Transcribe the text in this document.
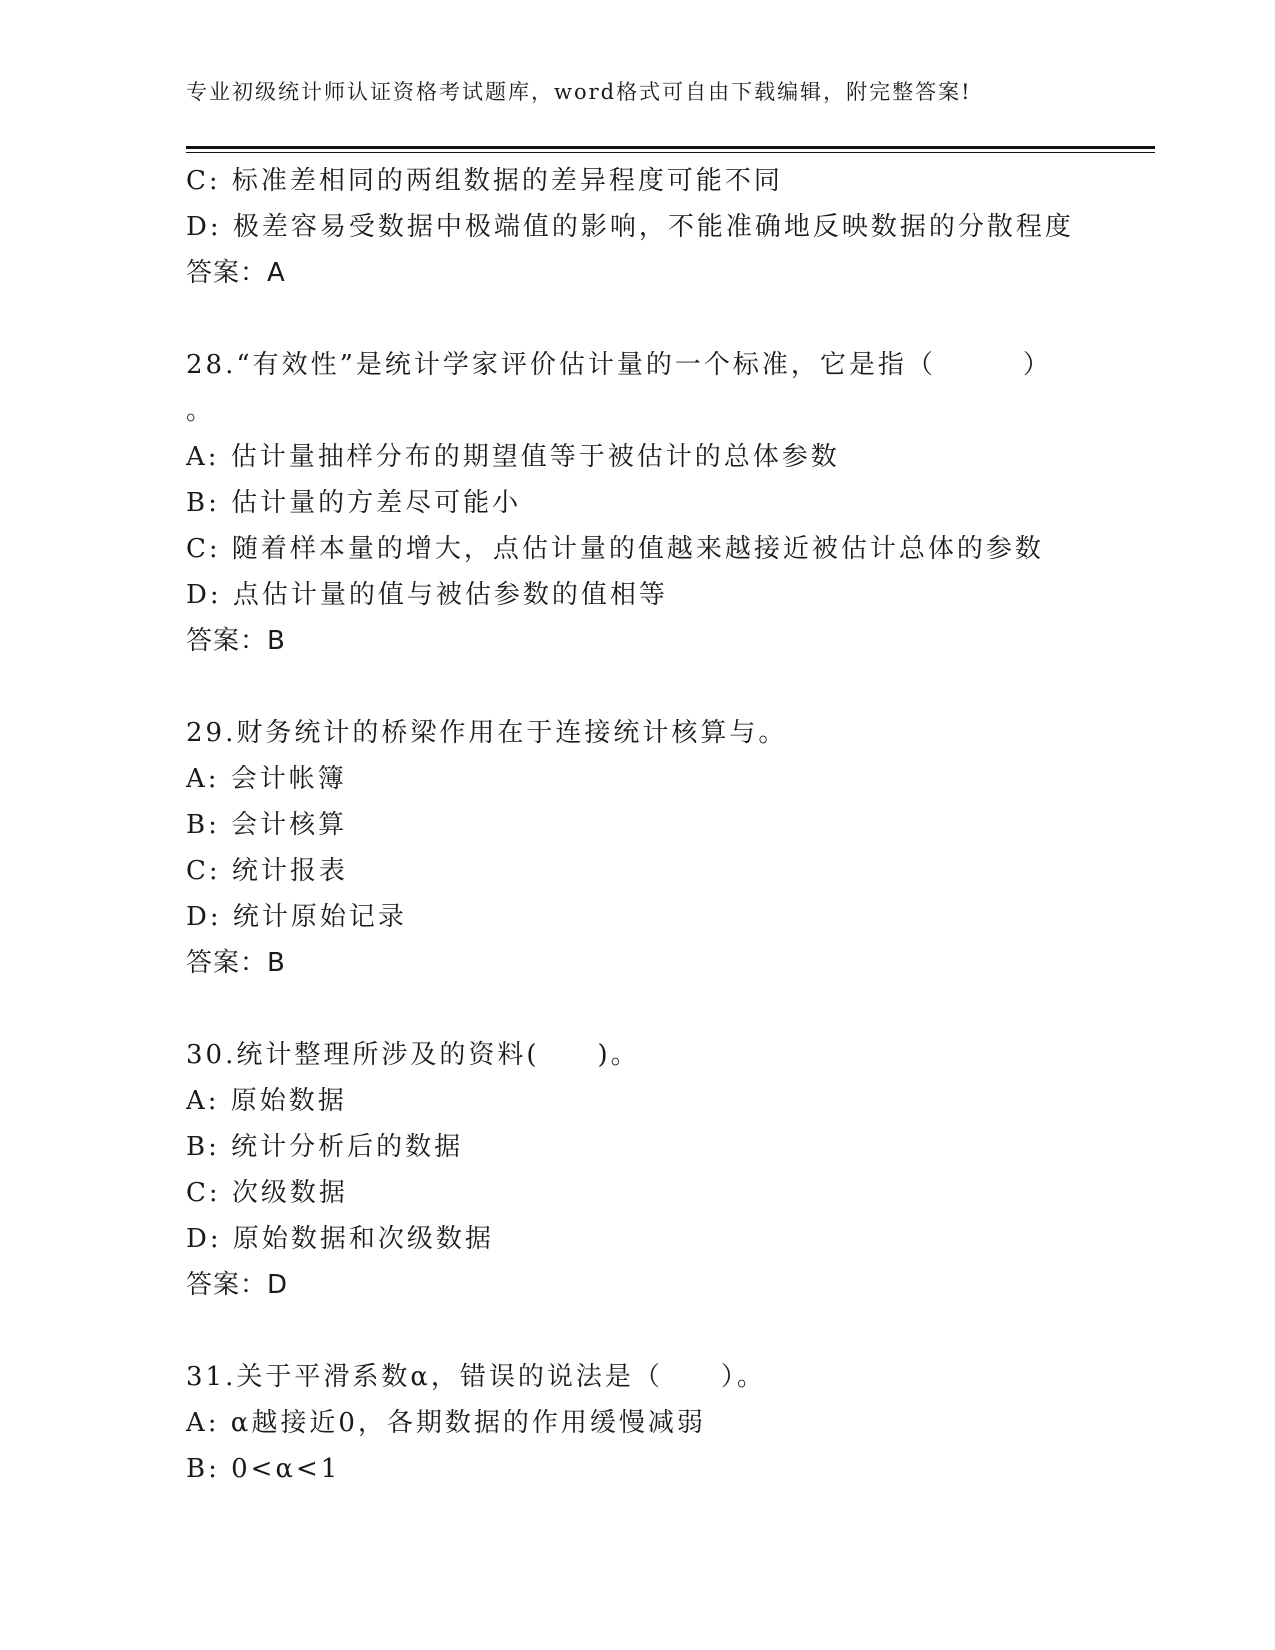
专业初级统计师认证资格考试题库，word格式可自由下载编辑，附完整答案!
C: 标准差相同的两组数据的差异程度可能不同
D: 极差容易受数据中极端值的影响，不能准确地反映数据的分散程度
答案：A
28.“有效性”是统计学家评价估计量的一个标准，它是指（　　　）
。
A: 估计量抽样分布的期望值等于被估计的总体参数
B: 估计量的方差尽可能小
C: 随着样本量的增大，点估计量的值越来越接近被估计总体的参数
D: 点估计量的值与被估参数的值相等
答案：B
29.财务统计的桥梁作用在于连接统计核算与。
A: 会计帐簿
B: 会计核算
C: 统计报表
D: 统计原始记录
答案：B
30.统计整理所涉及的资料(　　)。
A: 原始数据
B: 统计分析后的数据
C: 次级数据
D: 原始数据和次级数据
答案：D
31.关于平滑系数α，错误的说法是（　　）。
A: α越接近0，各期数据的作用缓慢减弱
B: 0<α<1
